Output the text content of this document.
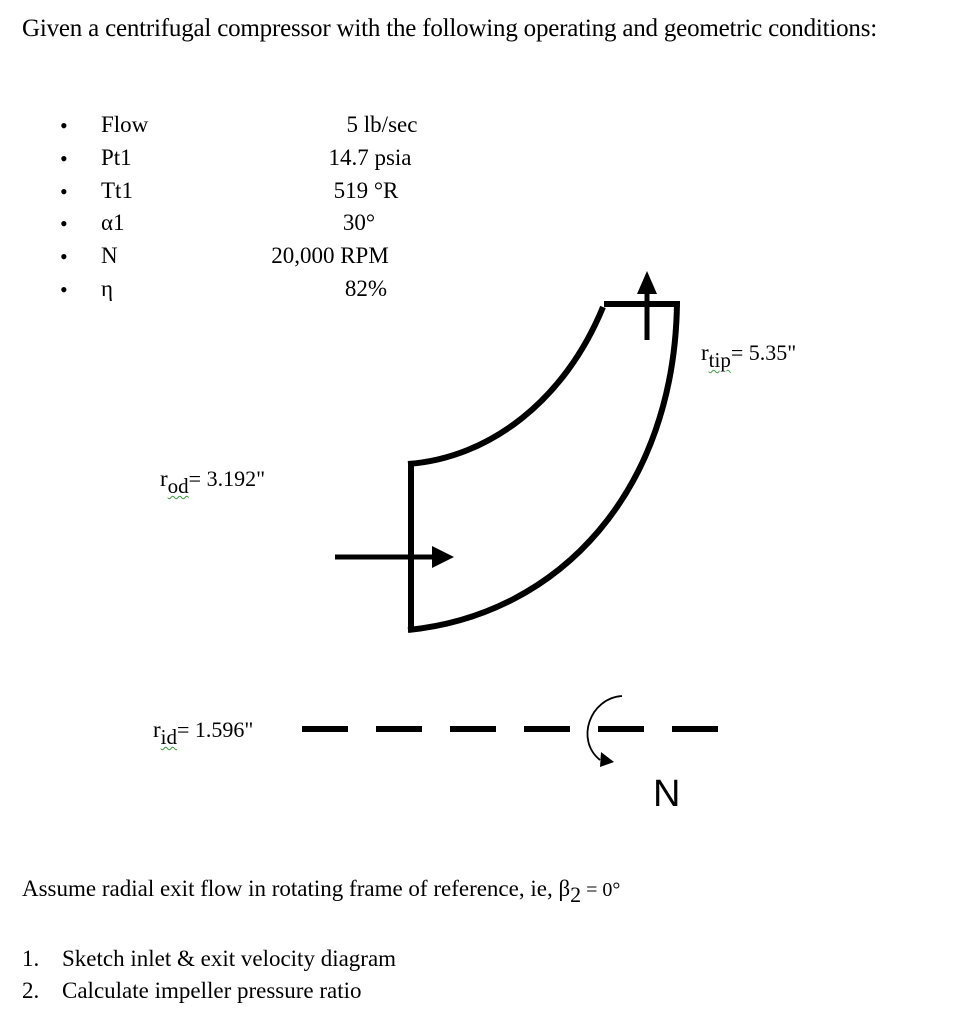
Given a centrifugal compressor with the following operating and geometric conditions:
• Flow	5 lb/sec
• Pt1	14.7 psia
• Tt1	519 °R
• α1	30°
• N	20,000 RPM
• η	82%
$r_{tip}= 5.35$"
$r_{od}= 3.192$"
$r_{id}= 1.596$"
N
Assume radial exit flow in rotating frame of reference, ie, $\beta_2 = 0^\circ$
1. Sketch inlet & exit velocity diagram
2. Calculate impeller pressure ratio
